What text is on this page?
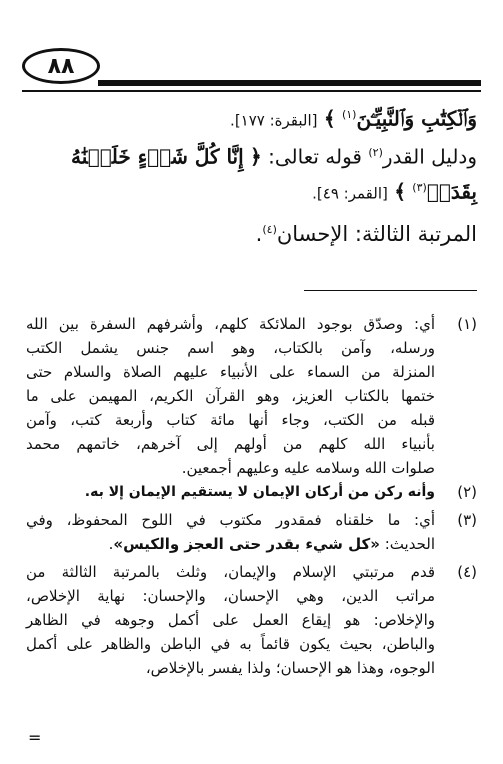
٨٨
وَٱلۡكِتَٰبِ وَٱلنَّبِيِّـۧنَ$^{(١)}$ ﴾ [البقرة: ١٧٧].
ودليل القدر$^{(٢)}$ قوله تعالى: ﴿ إِنَّا كُلَّ شَيۡءٍ خَلَقۡنَٰهُ
بِقَدَرٖ$^{(٣)}$ ﴾ [القمر: ٤٩].
المرتبة الثالثة: الإحسان$^{(٤)}$.
(١)
أي: وصدّق بوجود الملائكة كلهم، وأشرفهم السفرة بين الله
ورسله، وآمن بالكتاب، وهو اسم جنس يشمل الكتب
المنزلة من السماء على الأنبياء عليهم الصلاة والسلام حتى
ختمها بالكتاب العزيز، وهو القرآن الكريم، المهيمن على ما
قبله من الكتب، وجاء أنها مائة كتاب وأربعة كتب، وآمن
بأنبياء الله كلهم من أولهم إلى آخرهم، خاتمهم محمد
صلوات الله وسلامه عليه وعليهم أجمعين.
(٢)
وأنه ركن من أركان الإيمان لا يستقيم الإيمان إلا به.
(٣)
أي: ما خلقناه فمقدور مكتوب في اللوح المحفوظ، وفي
الحديث: «كل شيء بقدر حتى العجز والكيس».
(٤)
قدم مرتبتي الإسلام والإيمان، وثلث بالمرتبة الثالثة من
مراتب الدين، وهي الإحسان، والإحسان: نهاية الإخلاص،
والإخلاص: هو إيقاع العمل على أكمل وجوهه في الظاهر
والباطن، بحيث يكون قائماً به في الباطن والظاهر على أكمل
الوجوه، وهذا هو الإحسان؛ ولذا يفسر بالإخلاص،
=
